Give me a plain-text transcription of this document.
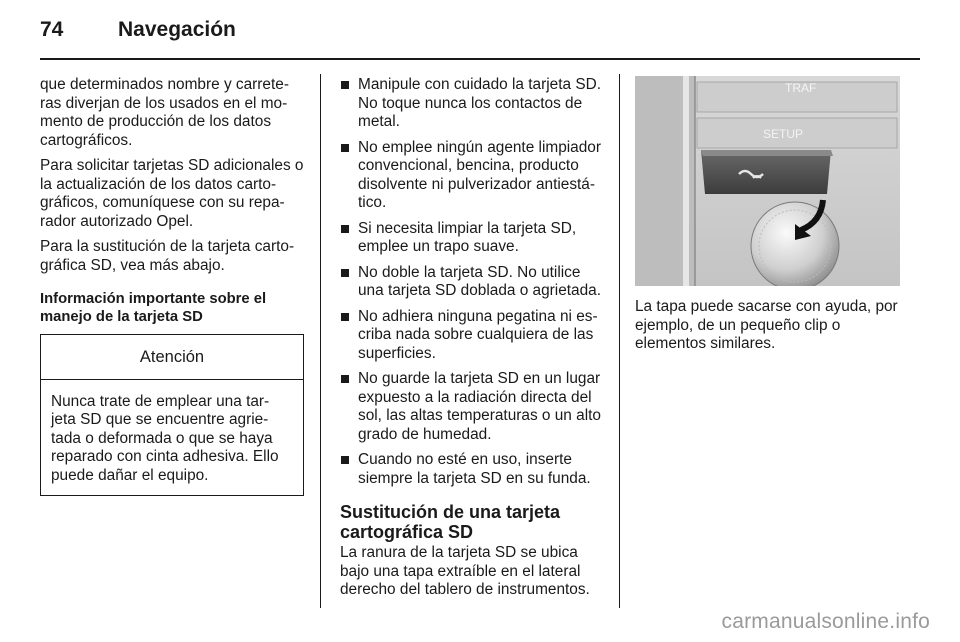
74	Navegación

que determinados nombre y carrete-ras diverjan de los usados en el mo-mento de producción de los datos cartográficos.

Para solicitar tarjetas SD adicionales o la actualización de los datos carto-gráficos, comuníquese con su repa-rador autorizado Opel.

Para la sustitución de la tarjeta carto-gráfica SD, vea más abajo.

Información importante sobre el manejo de la tarjeta SD
Atención
Nunca trate de emplear una tar-jeta SD que se encuentre agrie-tada o deformada o que se haya reparado con cinta adhesiva. Ello puede dañar el equipo.
Manipule con cuidado la tarjeta SD. No toque nunca los contactos de metal.
No emplee ningún agente limpiador convencional, bencina, producto disolvente ni pulverizador antiestá-tico.
Si necesita limpiar la tarjeta SD, emplee un trapo suave.
No doble la tarjeta SD. No utilice una tarjeta SD doblada o agrietada.
No adhiera ninguna pegatina ni es-criba nada sobre cualquiera de las superficies.
No guarde la tarjeta SD en un lugar expuesto a la radiación directa del sol, las altas temperaturas o un alto grado de humedad.
Cuando no esté en uso, inserte siempre la tarjeta SD en su funda.
Sustitución de una tarjeta cartográfica SD
La ranura de la tarjeta SD se ubica bajo una tapa extraíble en el lateral derecho del tablero de instrumentos.
TRAF
SETUP
La tapa puede sacarse con ayuda, por ejemplo, de un pequeño clip o elementos similares.
carmanualsonline.info
